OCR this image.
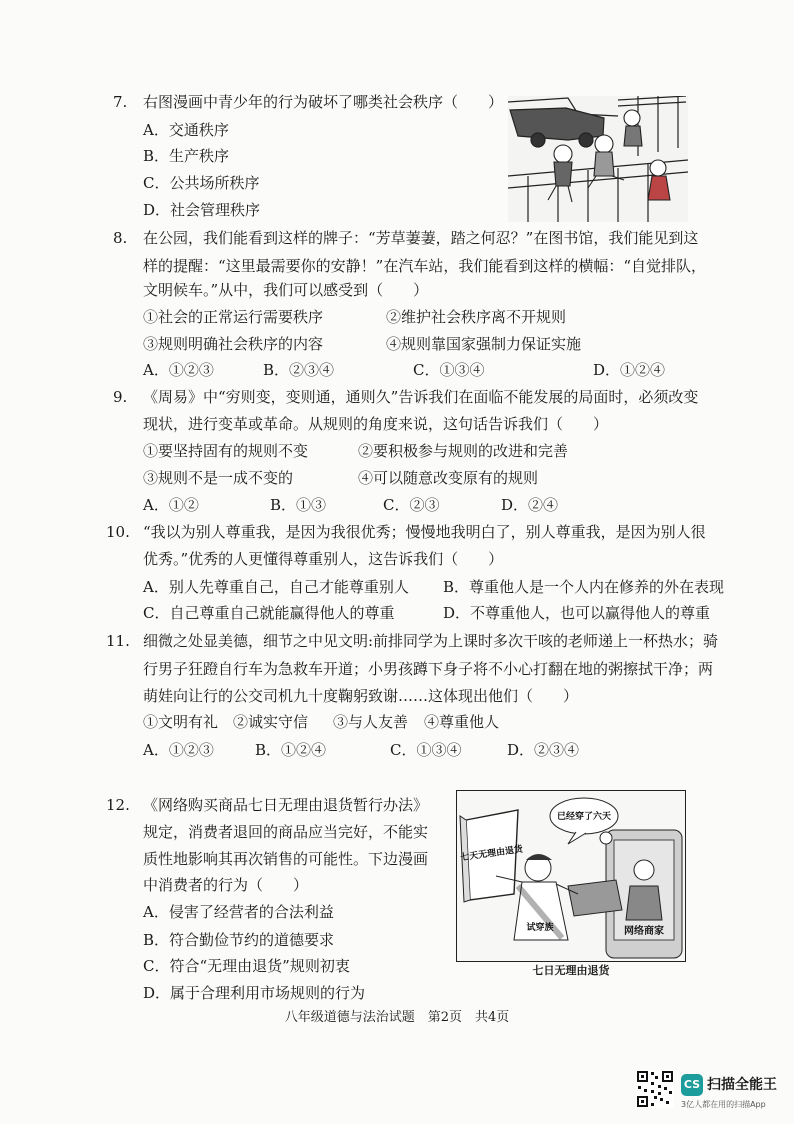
7. 右图漫画中青少年的行为破坏了哪类社会秩序（　　）
A．交通秩序
B．生产秩序
C．公共场所秩序
D．社会管理秩序
8. 在公园，我们能看到这样的牌子：“芳草萋萋，踏之何忍？”在图书馆，我们能见到这
样的提醒：“这里最需要你的安静！”在汽车站，我们能看到这样的横幅：“自觉排队，
文明候车。”从中，我们可以感受到（　　）
①社会的正常运行需要秩序	②维护社会秩序离不开规则
③规则明确社会秩序的内容	④规则靠国家强制力保证实施
A．①②③	B．②③④	C．①③④	D．①②④
9. 《周易》中“穷则变，变则通，通则久”告诉我们在面临不能发展的局面时，必须改变
现状，进行变革或革命。从规则的角度来说，这句话告诉我们（　　）
①要坚持固有的规则不变	②要积极参与规则的改进和完善
③规则不是一成不变的	④可以随意改变原有的规则
A．①②	B．①③	C．②③	D．②④
10. “我以为别人尊重我，是因为我很优秀；慢慢地我明白了，别人尊重我，是因为别人很
优秀。”优秀的人更懂得尊重别人，这告诉我们（　　）
A．别人先尊重自己，自己才能尊重别人 B．尊重他人是一个人内在修养的外在表现
C．自己尊重自己就能赢得他人的尊重	D．不尊重他人，也可以赢得他人的尊重
11. 细微之处显美德，细节之中见文明:前排同学为上课时多次干咳的老师递上一杯热水；骑
行男子狂蹬自行车为急救车开道；小男孩蹲下身子将不小心打翻在地的粥擦拭干净；两
萌娃向让行的公交司机九十度鞠躬致谢……这体现出他们（　　）
①文明有礼 ②诚实守信 ③与人友善 ④尊重他人
A．①②③	B．①②④	C．①③④	D．②③④
12. 《网络购买商品七日无理由退货暂行办法》
规定，消费者退回的商品应当完好，不能实
质性地影响其再次销售的可能性。下边漫画
中消费者的行为（　　）
A．侵害了经营者的合法利益
B．符合勤俭节约的道德要求
C．符合“无理由退货”规则初衷
D．属于合理利用市场规则的行为
已经穿了六天
七天无理由退货
试穿族	网络商家
七日无理由退货
八年级道德与法治试题　第2页　共4页
CS 扫描全能王
3亿人都在用的扫描App
